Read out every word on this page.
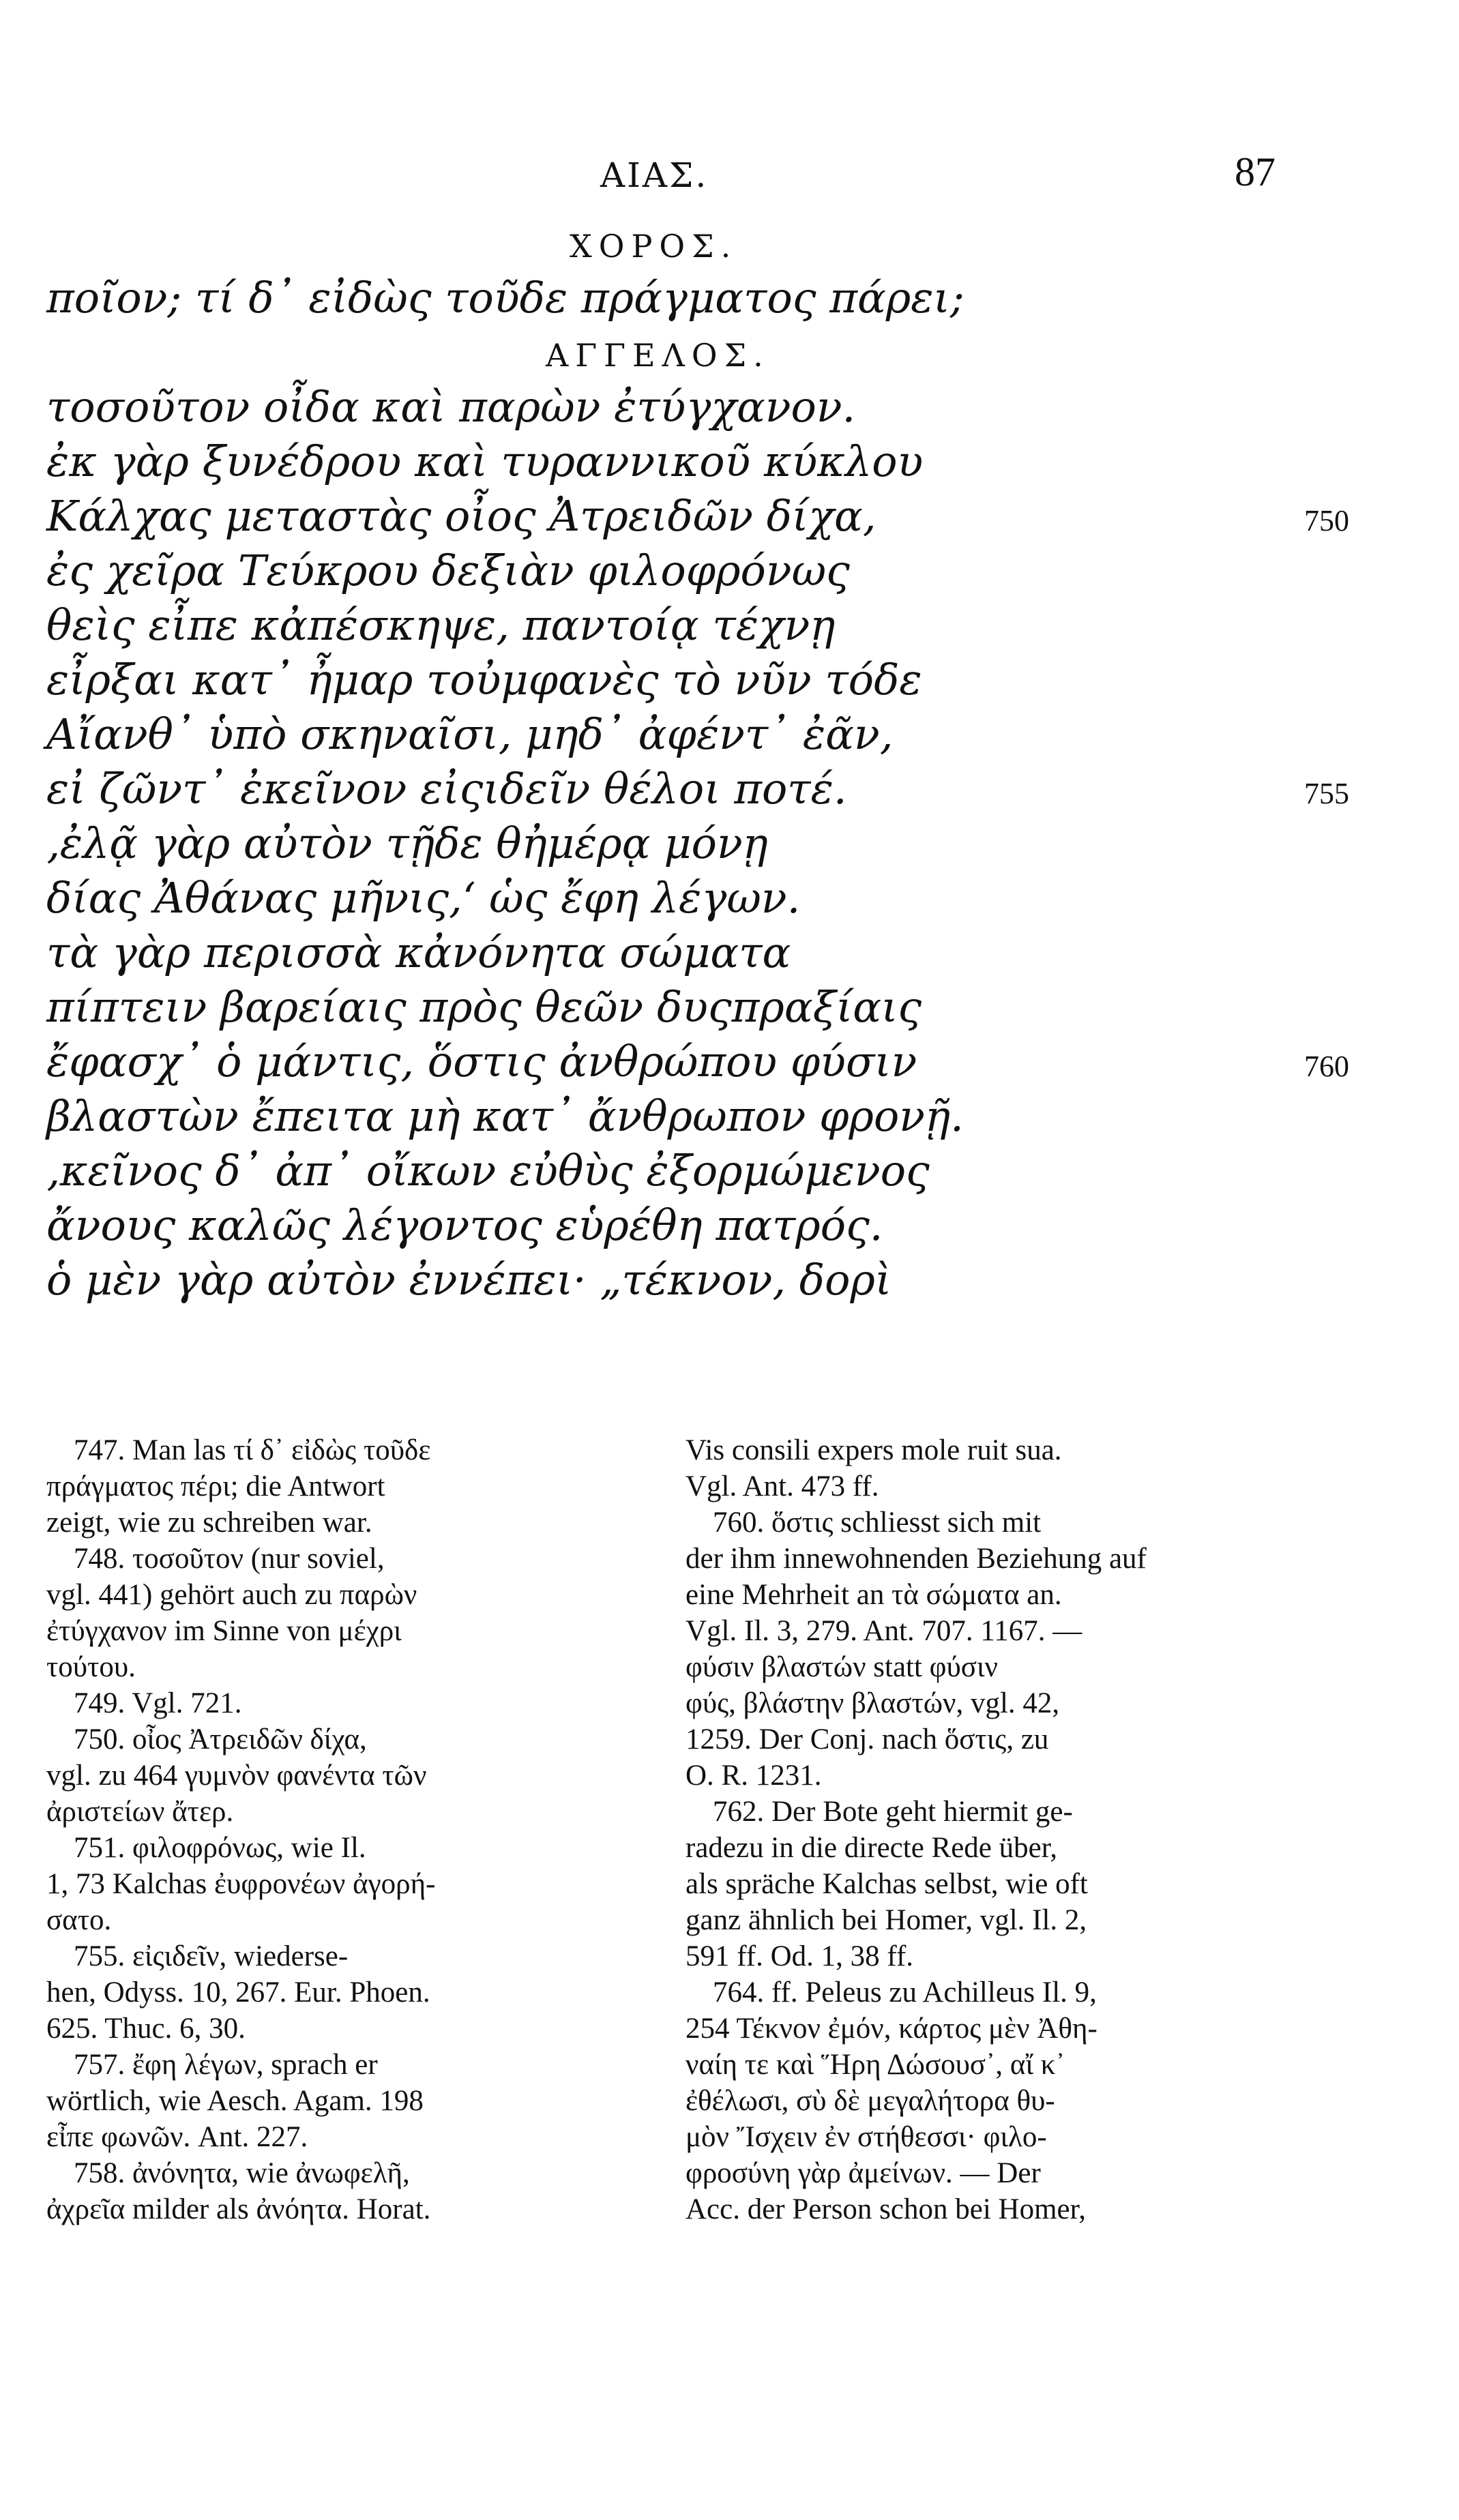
ΑΙΑΣ.	87
ΧΟΡΟΣ.
ποῖον; τί δ᾽ εἰδὼς τοῦδε πράγματος πάρει;
ΑΓΓΕΛΟΣ.
τοσοῦτον οἶδα καὶ παρὼν ἐτύγχανον.
ἐκ γὰρ ξυνέδρου καὶ τυραννικοῦ κύκλου
Κάλχας μεταστὰς οἶος Ἀτρειδῶν δίχα,	750
ἐς χεῖρα Τεύκρου δεξιὰν φιλοφρόνως
θεὶς εἶπε κἀπέσκηψε, παντοίᾳ τέχνῃ
εἶρξαι κατ᾽ ἦμαρ τοὐμφανὲς τὸ νῦν τόδε
Αἴανθ᾽ ὑπὸ σκηναῖσι, μηδ᾽ ἀφέντ᾽ ἐᾶν,
εἰ ζῶντ᾽ ἐκεῖνον εἰςιδεῖν θέλοι ποτέ.	755
‚ἐλᾷ γὰρ αὐτὸν τῇδε θἠμέρᾳ μόνῃ
δίας Ἀθάνας μῆνις,‘ ὡς ἔφη λέγων.
τὰ γὰρ περισσὰ κἀνόνητα σώματα
πίπτειν βαρείαις πρὸς θεῶν δυςπραξίαις
ἔφασχ᾽ ὁ μάντις, ὅστις ἀνθρώπου φύσιν	760
βλαστὼν ἔπειτα μὴ κατ᾽ ἄνθρωπον φρονῇ.
‚κεῖνος δ᾽ ἀπ᾽ οἴκων εὐθὺς ἐξορμώμενος
ἄνους καλῶς λέγοντος εὑρέθη πατρός.
ὁ μὲν γὰρ αὐτὸν ἐννέπει· „τέκνον, δορὶ
747. Man las τί δ᾽ εἰδὼς τοῦδε
πράγματος πέρι; die Antwort
zeigt, wie zu schreiben war.
748. τοσοῦτον (nur soviel,
vgl. 441) gehört auch zu παρὼν
ἐτύγχανον im Sinne von μέχρι
τούτου.
749. Vgl. 721.
750. οἶος Ἀτρειδῶν δίχα,
vgl. zu 464 γυμνὸν φανέντα τῶν
ἀριστείων ἄτερ.
751. φιλοφρόνως, wie Il.
1, 73 Kalchas ἐυφρονέων ἀγορή-
σατο.
755. εἰςιδεῖν, wiederse-
hen, Odyss. 10, 267. Eur. Phoen.
625. Thuc. 6, 30.
757. ἔφη λέγων, sprach er
wörtlich, wie Aesch. Agam. 198
εἶπε φωνῶν. Ant. 227.
758. ἀνόνητα, wie ἀνωφελῆ,
ἀχρεῖα milder als ἀνόητα. Horat.
Vis consili expers mole ruit sua.
Vgl. Ant. 473 ff.
760. ὅστις schliesst sich mit
der ihm innewohnenden Beziehung auf
eine Mehrheit an τὰ σώματα an.
Vgl. Il. 3, 279. Ant. 707. 1167. —
φύσιν βλαστών statt φύσιν
φύς, βλάστην βλαστών, vgl. 42,
1259. Der Conj. nach ὅστις, zu
O. R. 1231.
762. Der Bote geht hiermit ge-
radezu in die directe Rede über,
als spräche Kalchas selbst, wie oft
ganz ähnlich bei Homer, vgl. Il. 2,
591 ff. Od. 1, 38 ff.
764. ff. Peleus zu Achilleus Il. 9,
254 Τέκνον ἐμόν, κάρτος μὲν Ἀθη-
ναίη τε καὶ Ἥρη Δώσουσ᾽, αἴ κ᾽
ἐθέλωσι, σὺ δὲ μεγαλήτορα θυ-
μὸν Ἴσχειν ἐν στήθεσσι· φιλο-
φροσύνη γὰρ ἀμείνων. — Der
Acc. der Person schon bei Homer,
